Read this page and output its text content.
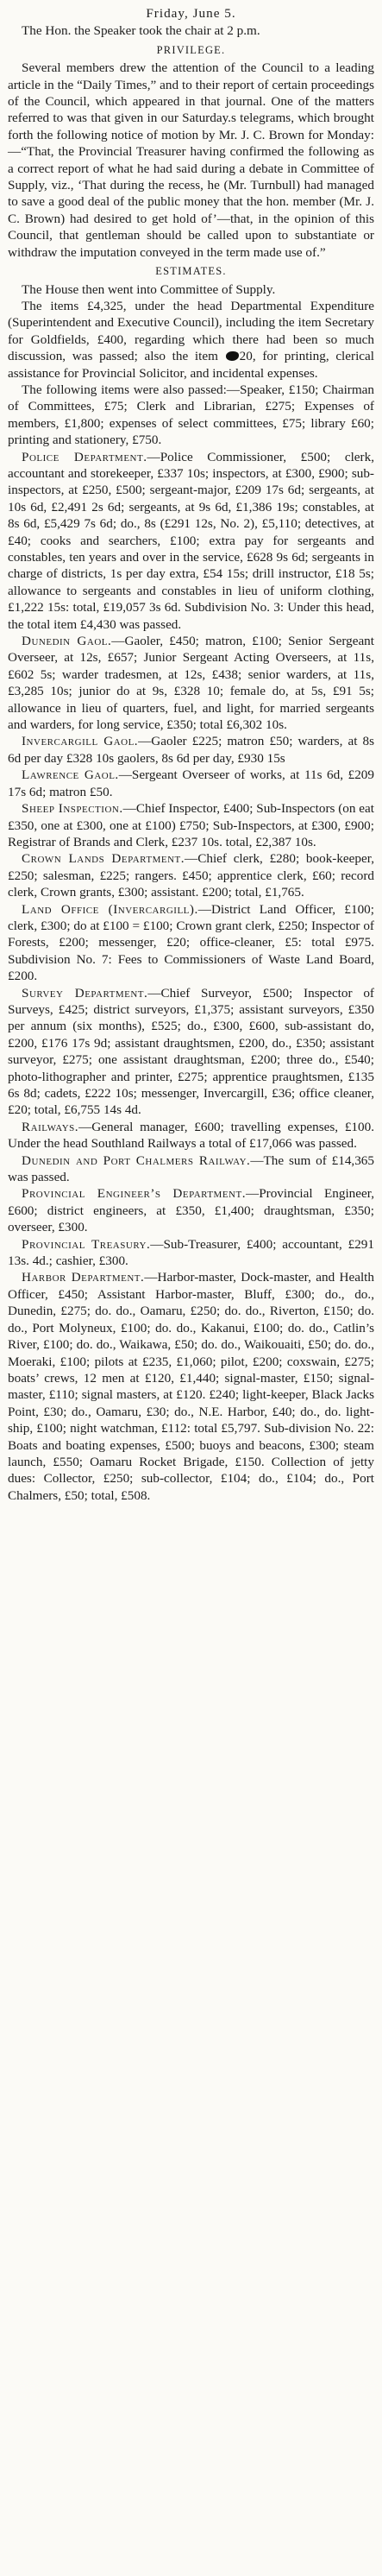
Friday, June 5.

The Hon. the Speaker took the chair at 2 p.m.

PRIVILEGE.

Several members drew the attention of the Council to a leading article in the “Daily Times,” and to their report of certain proceedings of the Council, which appeared in that journal. One of the matters referred to was that given in our Saturday.s telegrams, which brought forth the following notice of motion by Mr. J. C. Brown for Monday:—“That, the Provincial Treasurer having confirmed the following as a correct report of what he had said during a debate in Committee of Supply, viz., ‘That during the recess, he (Mr. Turnbull) had managed to save a good deal of the public money that the hon. member (Mr. J. C. Brown) had desired to get hold of’—that, in the opinion of this Council, that gentleman should be called upon to substantiate or withdraw the imputation conveyed in the term made use of.”

ESTIMATES.

The House then went into Committee of Supply.

The items £4,325, under the head Departmental Expenditure (Superintendent and Executive Council), including the item Secretary for Goldfields, £400, regarding which there had been so much discussion, was passed; also the item 20, for printing, clerical assistance for Provincial Solicitor, and incidental expenses.

The following items were also passed:—Speaker, £150; Chairman of Committees, £75; Clerk and Librarian, £275; Expenses of members, £1,800; expenses of select committees, £75; library £60; printing and stationery, £750.

Police Department.—Police Commissioner, £500; clerk, accountant and storekeeper, £337 10s; inspectors, at £300, £900; sub-inspectors, at £250, £500; sergeant-major, £209 17s 6d; sergeants, at 10s 6d, £2,491 2s 6d; sergeants, at 9s 6d, £1,386 19s; constables, at 8s 6d, £5,429 7s 6d; do., 8s (£291 12s, No. 2), £5,110; detectives, at £40; cooks and searchers, £100; extra pay for sergeants and constables, ten years and over in the service, £628 9s 6d; sergeants in charge of districts, 1s per day extra, £54 15s; drill instructor, £18 5s; allowance to sergeants and constables in lieu of uniform clothing, £1,222 15s: total, £19,057 3s 6d. Subdivision No. 3: Under this head, the total item £4,430 was passed.

Dunedin Gaol.—Gaoler, £450; matron, £100; Senior Sergeant Overseer, at 12s, £657; Junior Sergeant Acting Overseers, at 11s, £602 5s; warder tradesmen, at 12s, £438; senior warders, at 11s, £3,285 10s; junior do at 9s, £328 10; female do, at 5s, £91 5s; allowance in lieu of quarters, fuel, and light, for married sergeants and warders, for long service, £350; total £6,302 10s.

Invercargill Gaol.—Gaoler £225; matron £50; warders, at 8s 6d per day £328 10s gaolers, 8s 6d per day, £930 15s

Lawrence Gaol.—Sergeant Overseer of works, at 11s 6d, £209 17s 6d; matron £50.

Sheep Inspection.—Chief Inspector, £400; Sub-Inspectors (on eat £350, one at £300, one at £100) £750; Sub-Inspectors, at £300, £900; Registrar of Brands and Clerk, £237 10s. total, £2,387 10s.

Crown Lands Department.—Chief clerk, £280; book-keeper, £250; salesman, £225; rangers. £450; apprentice clerk, £60; record clerk, Crown grants, £300; assistant. £200; total, £1,765.

Land Office (Invercargill).—District Land Officer, £100; clerk, £300; do at £100 = £100; Crown grant clerk, £250; Inspector of Forests, £200; messenger, £20; office-cleaner, £5: total £975. Subdivision No. 7: Fees to Commissioners of Waste Land Board, £200.

Survey Department.—Chief Surveyor, £500; Inspector of Surveys, £425; district surveyors, £1,375; assistant surveyors, £350 per annum (six months), £525; do., £300, £600, sub-assistant do, £200, £176 17s 9d; assistant draughtsmen, £200, do., £350; assistant surveyor, £275; one assistant draughtsman, £200; three do., £540; photo-lithographer and printer, £275; apprentice praughtsmen, £135 6s 8d; cadets, £222 10s; messenger, Invercargill, £36; office cleaner, £20; total, £6,755 14s 4d.

Railways.—General manager, £600; travelling expenses, £100. Under the head Southland Railways a total of £17,066 was passed.

Dunedin and Port Chalmers Railway.—The sum of £14,365 was passed.

Provincial Engineer’s Department.—Provincial Engineer, £600; district engineers, at £350, £1,400; draughtsman, £350; overseer, £300.

Provincial Treasury.—Sub-Treasurer, £400; accountant, £291 13s. 4d.; cashier, £300.

Harbor Department.—Harbor-master, Dock-master, and Health Officer, £450; Assistant Harbor-master, Bluff, £300; do., do., Dunedin, £275; do. do., Oamaru, £250; do. do., Riverton, £150; do. do., Port Molyneux, £100; do. do., Kakanui, £100; do. do., Catlin’s River, £100; do. do., Waikawa, £50; do. do., Waikouaiti, £50; do. do., Moeraki, £100; pilots at £235, £1,060; pilot, £200; coxswain, £275; boats’ crews, 12 men at £120, £1,440; signal-master, £150; signal-master, £110; signal masters, at £120. £240; light-keeper, Black Jacks Point, £30; do., Oamaru, £30; do., N.E. Harbor, £40; do., do. light-ship, £100; night watchman, £112: total £5,797. Sub-division No. 22: Boats and boating expenses, £500; buoys and beacons, £300; steam launch, £550; Oamaru Rocket Brigade, £150. Collection of jetty dues: Collector, £250; sub-collector, £104; do., £104; do., Port Chalmers, £50; total, £508.
